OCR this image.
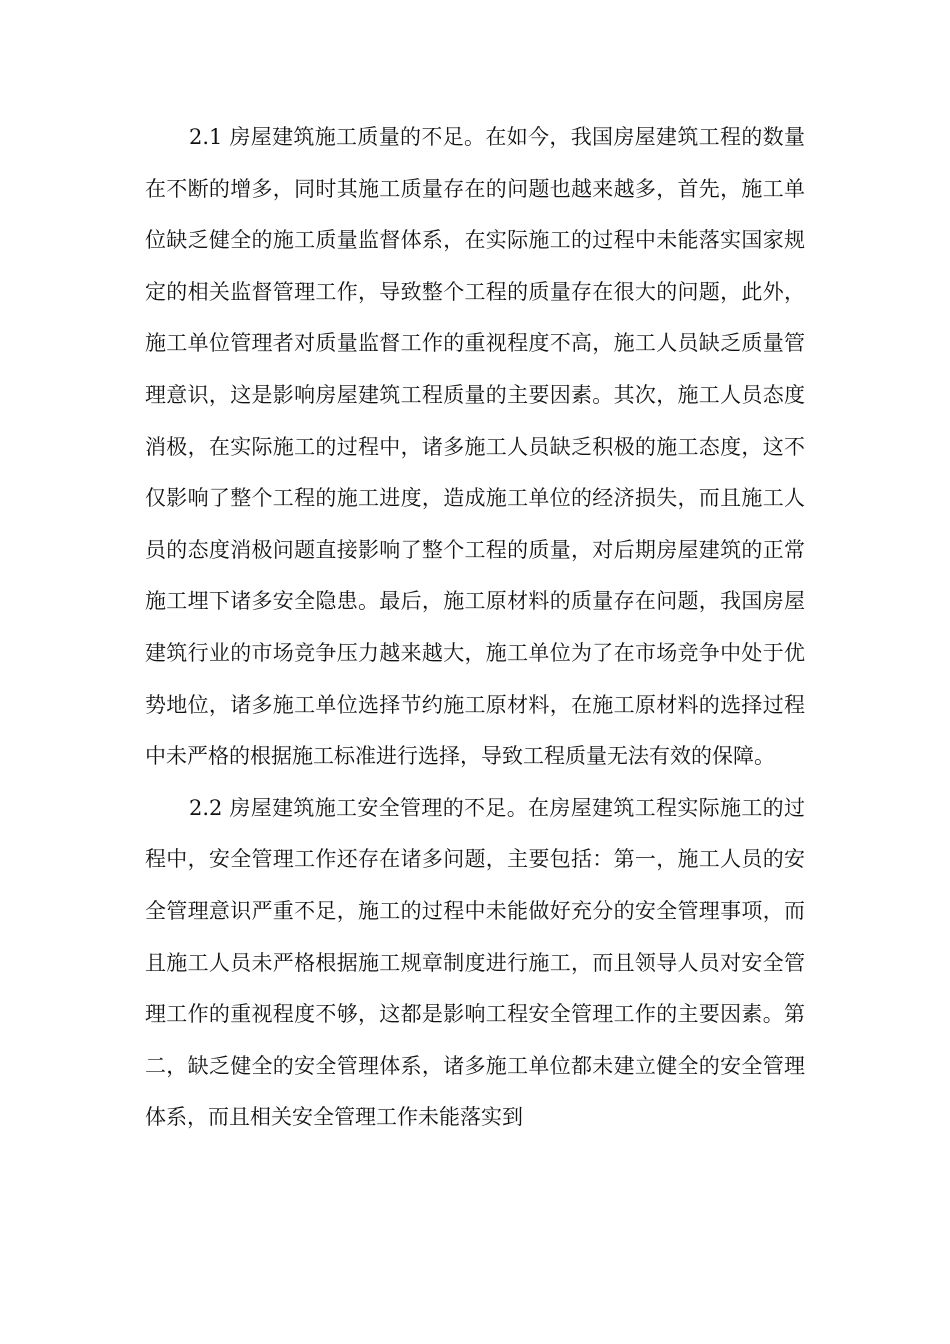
2.1 房屋建筑施工质量的不足。在如今，我国房屋建筑工程的数量在不断的增多，同时其施工质量存在的问题也越来越多，首先，施工单位缺乏健全的施工质量监督体系，在实际施工的过程中未能落实国家规定的相关监督管理工作，导致整个工程的质量存在很大的问题，此外，施工单位管理者对质量监督工作的重视程度不高，施工人员缺乏质量管理意识，这是影响房屋建筑工程质量的主要因素。其次，施工人员态度消极，在实际施工的过程中，诸多施工人员缺乏积极的施工态度，这不仅影响了整个工程的施工进度，造成施工单位的经济损失，而且施工人员的态度消极问题直接影响了整个工程的质量，对后期房屋建筑的正常施工埋下诸多安全隐患。最后，施工原材料的质量存在问题，我国房屋建筑行业的市场竞争压力越来越大，施工单位为了在市场竞争中处于优势地位，诸多施工单位选择节约施工原材料，在施工原材料的选择过程中未严格的根据施工标准进行选择，导致工程质量无法有效的保障。

2.2 房屋建筑施工安全管理的不足。在房屋建筑工程实际施工的过程中，安全管理工作还存在诸多问题，主要包括：第一，施工人员的安全管理意识严重不足，施工的过程中未能做好充分的安全管理事项，而且施工人员未严格根据施工规章制度进行施工，而且领导人员对安全管理工作的重视程度不够，这都是影响工程安全管理工作的主要因素。第二，缺乏健全的安全管理体系，诸多施工单位都未建立健全的安全管理体系，而且相关安全管理工作未能落实到
